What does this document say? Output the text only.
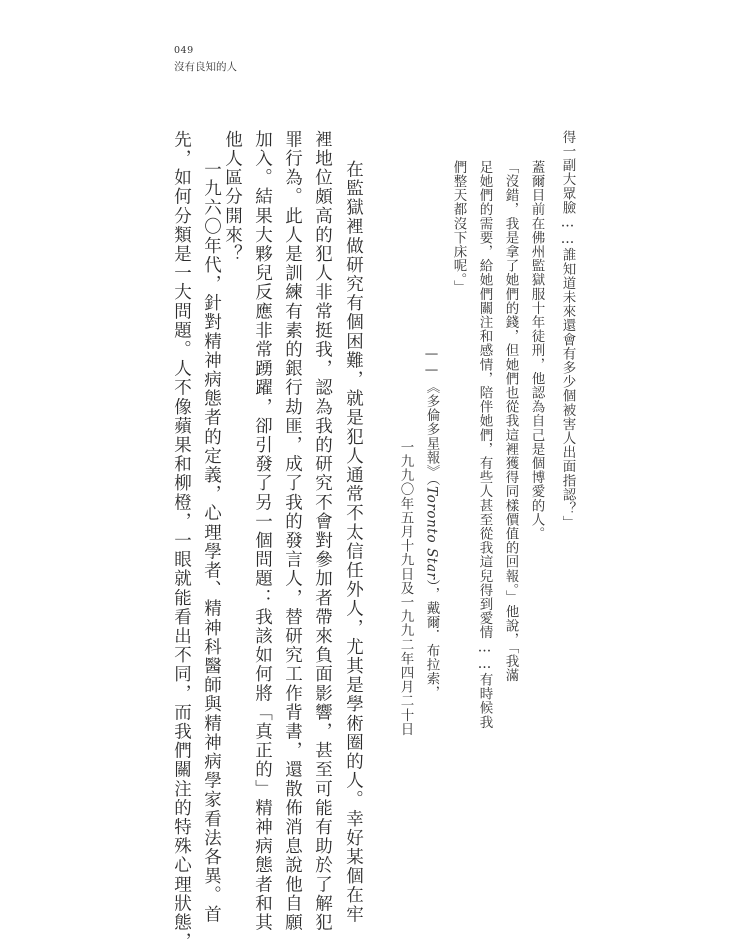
049
沒有良知的人
得一副大眾臉……誰知道未來還會有多少個被害人出面指認？」
蓋爾目前在佛州監獄服十年徒刑，他認為自己是個博愛的人。
「沒錯，我是拿了她們的錢，但她們也從我這裡獲得同樣價值的回報。」他說，「我滿
足她們的需要，給她們關注和感情，陪伴她們，有些人甚至從我這兒得到愛情……有時候我
們整天都沒下床呢。」
——
《多倫多星報》（Toronto Star），戴爾．布拉索，
一九九〇年五月十九日及一九九二年四月二十日
在監獄裡做研究有個困難，就是犯人通常不太信任外人，尤其是學術圈的人。幸好某個在牢
裡地位頗高的犯人非常挺我，認為我的研究不會對參加者帶來負面影響，甚至可能有助於了解犯
罪行為。此人是訓練有素的銀行劫匪，成了我的發言人，替研究工作背書，還散佈消息說他自願
加入。結果大夥兒反應非常踴躍，卻引發了另一個問題：我該如何將「真正的」精神病態者和其
他人區分開來？
一九六〇年代，針對精神病態者的定義，心理學者、精神科醫師與精神病學家看法各異。首
先，如何分類是一大問題。人不像蘋果和柳橙，一眼就能看出不同，而我們關注的特殊心理狀態，
